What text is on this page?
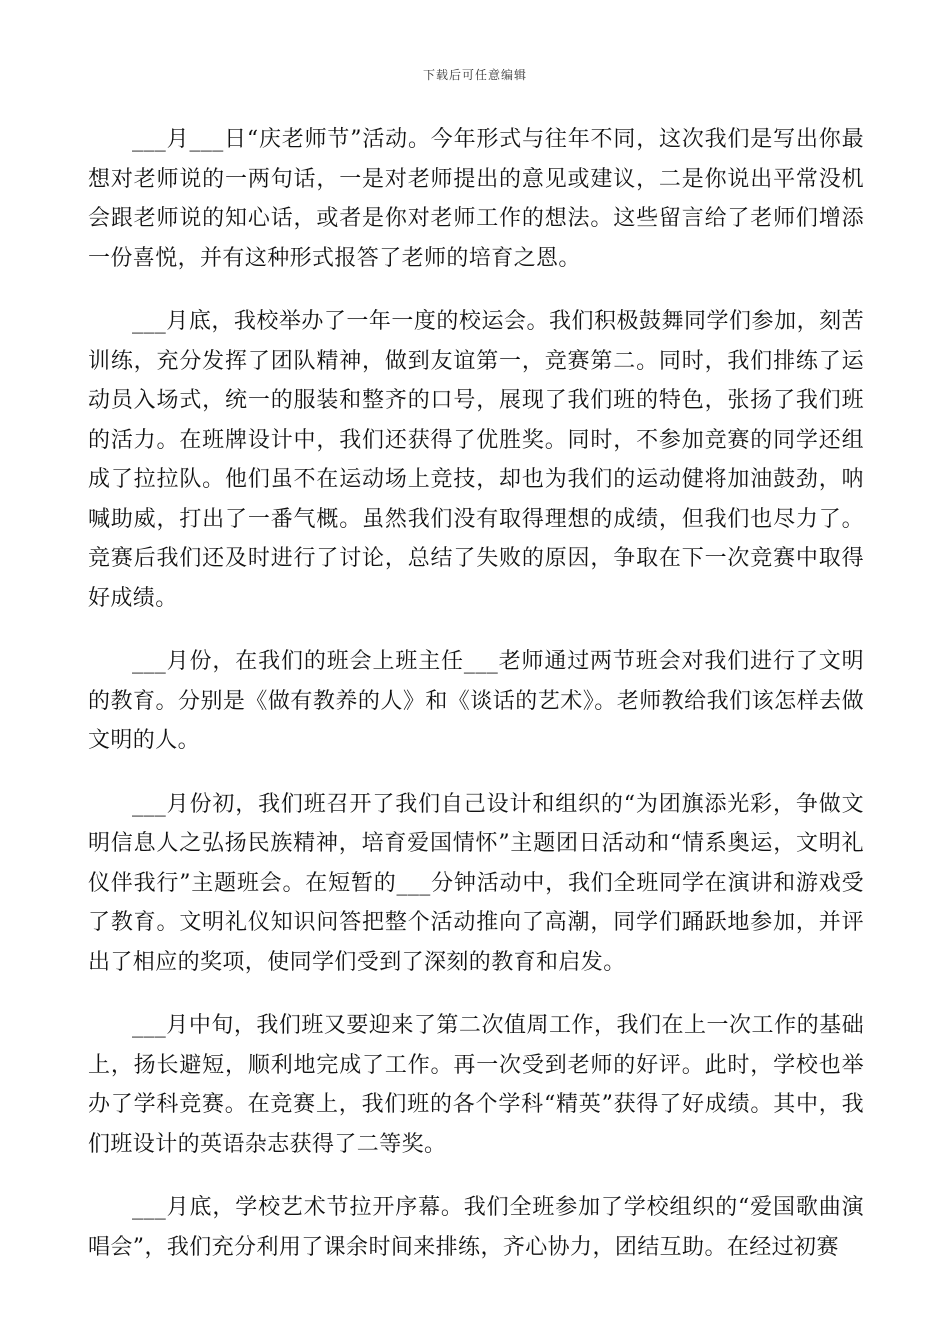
下载后可任意编辑

___月___日“庆老师节”活动。今年形式与往年不同，这次我们是写出你最想对老师说的一两句话，一是对老师提出的意见或建议，二是你说出平常没机会跟老师说的知心话，或者是你对老师工作的想法。这些留言给了老师们增添一份喜悦，并有这种形式报答了老师的培育之恩。

___月底，我校举办了一年一度的校运会。我们积极鼓舞同学们参加，刻苦训练，充分发挥了团队精神，做到友谊第一，竞赛第二。同时，我们排练了运动员入场式，统一的服装和整齐的口号，展现了我们班的特色，张扬了我们班的活力。在班牌设计中，我们还获得了优胜奖。同时，不参加竞赛的同学还组成了拉拉队。他们虽不在运动场上竞技，却也为我们的运动健将加油鼓劲，呐喊助威，打出了一番气概。虽然我们没有取得理想的成绩，但我们也尽力了。竞赛后我们还及时进行了讨论，总结了失败的原因，争取在下一次竞赛中取得好成绩。

___月份，在我们的班会上班主任___老师通过两节班会对我们进行了文明的教育。分别是《做有教养的人》和《谈话的艺术》。老师教给我们该怎样去做文明的人。

___月份初，我们班召开了我们自己设计和组织的“为团旗添光彩，争做文明信息人之弘扬民族精神，培育爱国情怀”主题团日活动和“情系奥运，文明礼仪伴我行”主题班会。在短暂的___分钟活动中，我们全班同学在演讲和游戏受了教育。文明礼仪知识问答把整个活动推向了高潮，同学们踊跃地参加，并评出了相应的奖项，使同学们受到了深刻的教育和启发。

___月中旬，我们班又要迎来了第二次值周工作，我们在上一次工作的基础上，扬长避短，顺利地完成了工作。再一次受到老师的好评。此时，学校也举办了学科竞赛。在竞赛上，我们班的各个学科“精英”获得了好成绩。其中，我们班设计的英语杂志获得了二等奖。

___月底，学校艺术节拉开序幕。我们全班参加了学校组织的“爱国歌曲演唱会”，我们充分利用了课余时间来排练，齐心协力，团结互助。在经过初赛
